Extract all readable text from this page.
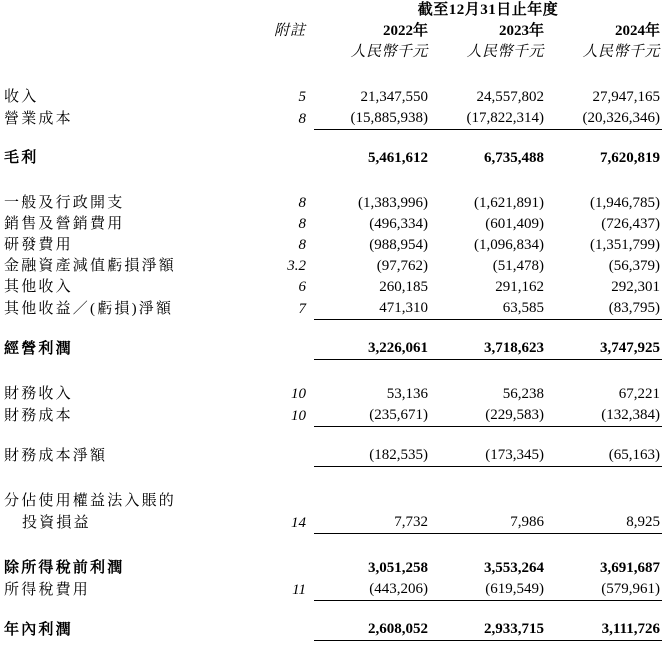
		截至12月31日止年度		
	附註	2022年	2023年	2024年
		人民幣千元	人民幣千元	人民幣千元

收入	5	21,347,550	24,557,802	27,947,165
營業成本	8	(15,885,938)	(17,822,314)	(20,326,346)

毛利		5,461,612	6,735,488	7,620,819

一般及行政開支	8	(1,383,996)	(1,621,891)	(1,946,785)
銷售及營銷費用	8	(496,334)	(601,409)	(726,437)
研發費用	8	(988,954)	(1,096,834)	(1,351,799)
金融資產減值虧損淨額	3.2	(97,762)	(51,478)	(56,379)
其他收入	6	260,185	291,162	292,301
其他收益／(虧損)淨額	7	471,310	63,585	(83,795)

經營利潤		3,226,061	3,718,623	3,747,925

財務收入	10	53,136	56,238	67,221
財務成本	10	(235,671)	(229,583)	(132,384)

財務成本淨額		(182,535)	(173,345)	(65,163)

分佔使用權益法入賬的				
投資損益	14	7,732	7,986	8,925

除所得稅前利潤		3,051,258	3,553,264	3,691,687
所得稅費用	11	(443,206)	(619,549)	(579,961)

年內利潤		2,608,052	2,933,715	3,111,726
